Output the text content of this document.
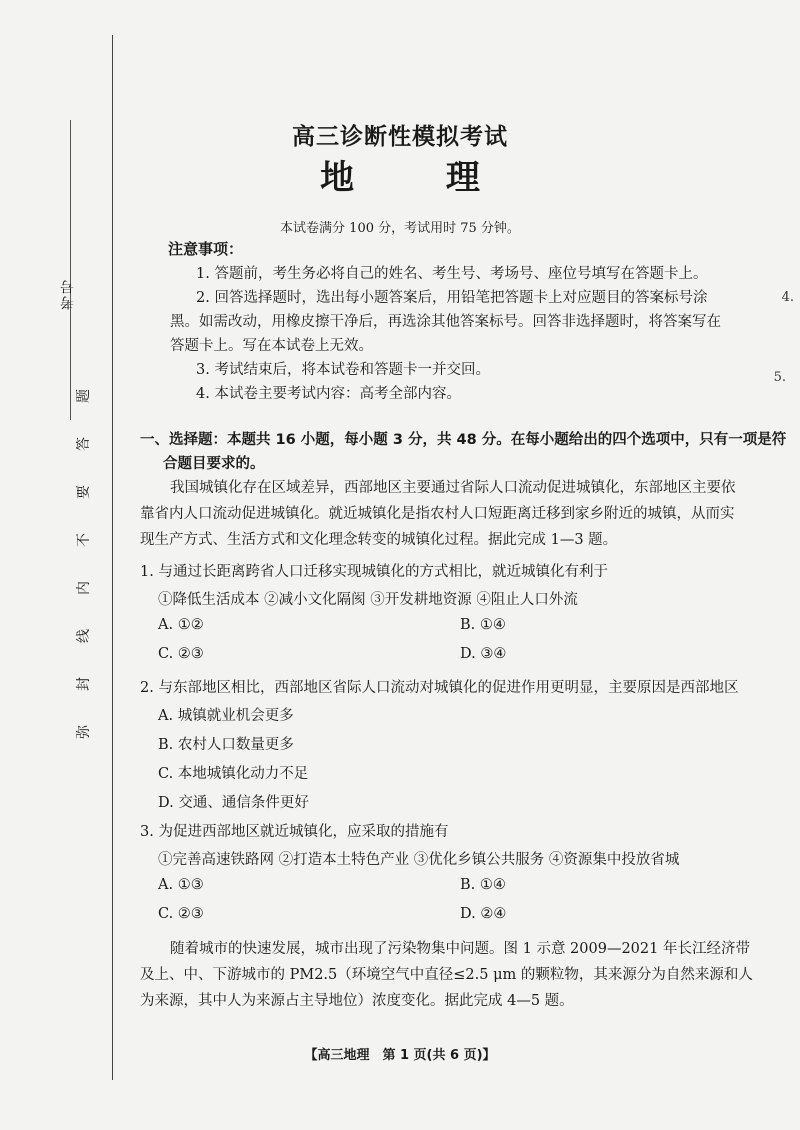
考号
题
答
要
不
内
线
封
弥
4.
5.
高三诊断性模拟考试
地 理
本试卷满分 100 分，考试用时 75 分钟。
注意事项：
1. 答题前，考生务必将自己的姓名、考生号、考场号、座位号填写在答题卡上。
2. 回答选择题时，选出每小题答案后，用铅笔把答题卡上对应题目的答案标号涂
黑。如需改动，用橡皮擦干净后，再选涂其他答案标号。回答非选择题时，将答案写在
答题卡上。写在本试卷上无效。
3. 考试结束后，将本试卷和答题卡一并交回。
4. 本试卷主要考试内容：高考全部内容。
一、选择题：本题共 16 小题，每小题 3 分，共 48 分。在每小题给出的四个选项中，只有一项是符
合题目要求的。
我国城镇化存在区域差异，西部地区主要通过省际人口流动促进城镇化，东部地区主要依
靠省内人口流动促进城镇化。就近城镇化是指农村人口短距离迁移到家乡附近的城镇，从而实
现生产方式、生活方式和文化理念转变的城镇化过程。据此完成 1—3 题。
1. 与通过长距离跨省人口迁移实现城镇化的方式相比，就近城镇化有利于
①降低生活成本 ②减小文化隔阂 ③开发耕地资源 ④阻止人口外流
A. ①②	B. ①④
C. ②③	D. ③④
2. 与东部地区相比，西部地区省际人口流动对城镇化的促进作用更明显，主要原因是西部地区
A. 城镇就业机会更多
B. 农村人口数量更多
C. 本地城镇化动力不足
D. 交通、通信条件更好
3. 为促进西部地区就近城镇化，应采取的措施有
①完善高速铁路网 ②打造本土特色产业 ③优化乡镇公共服务 ④资源集中投放省城
A. ①③	B. ①④
C. ②③	D. ②④
随着城市的快速发展，城市出现了污染物集中问题。图 1 示意 2009—2021 年长江经济带
及上、中、下游城市的 PM2.5（环境空气中直径≤2.5 μm 的颗粒物，其来源分为自然来源和人
为来源，其中人为来源占主导地位）浓度变化。据此完成 4—5 题。
【高三地理　第 1 页(共 6 页)】
